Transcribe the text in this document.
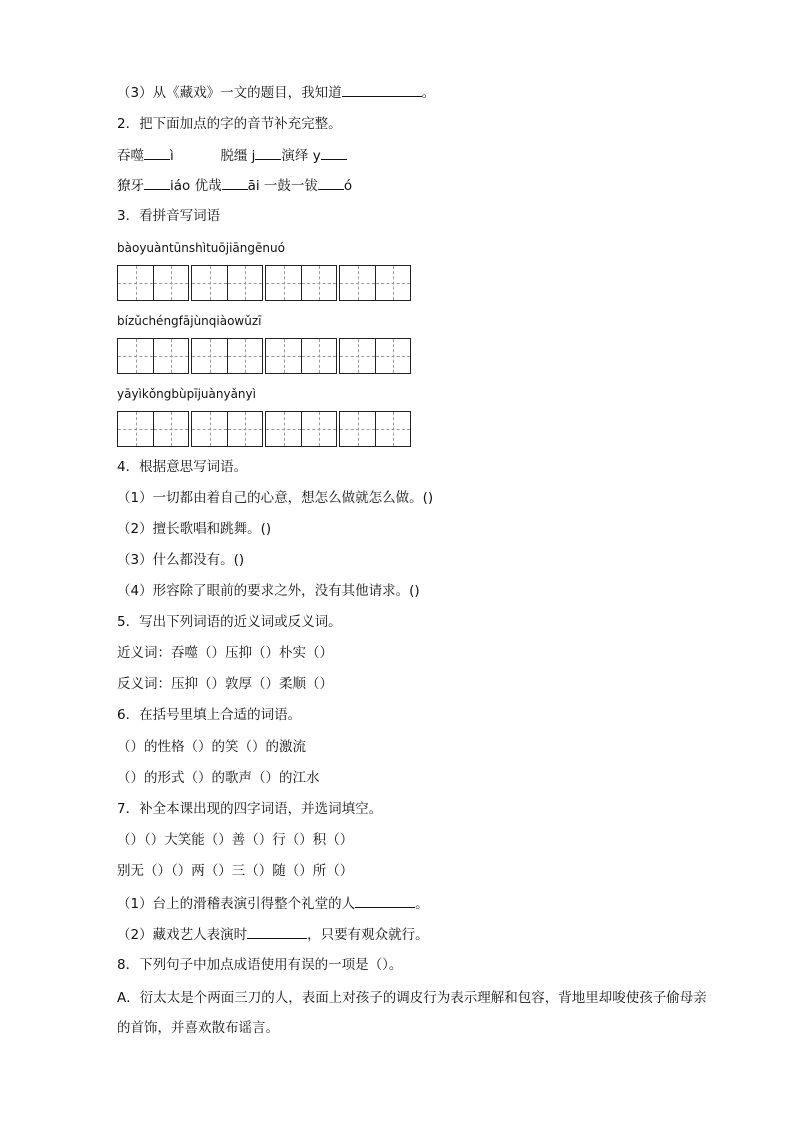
（3）从《藏戏》一文的题目，我知道	。
2．把下面加点的字的音节补充完整。
吞噬 ì	脱缰 j 演绎 y
獠牙 iáo 优哉 āi 一鼓一钹 ó
3．看拼音写词语
bàoyuàntūnshìtuōjiāngēnuó
bízǔchéngfājùnqiàowǔzī
yāyìkǒngbùpījuànyǎnyì
4．根据意思写词语。
（1）一切都由着自己的心意，想怎么做就怎么做。()
（2）擅长歌唱和跳舞。()
（3）什么都没有。()
（4）形容除了眼前的要求之外，没有其他请求。()
5．写出下列词语的近义词或反义词。
近义词：吞噬（）压抑（）朴实（）
反义词：压抑（）敦厚（）柔顺（）
6．在括号里填上合适的词语。
（）的性格（）的笑（）的激流
（）的形式（）的歌声（）的江水
7．补全本课出现的四字词语，并选词填空。
（）（）大笑能（）善（）行（）积（）
别无（）（）两（）三（）随（）所（）
（1）台上的滑稽表演引得整个礼堂的人	。
（2）藏戏艺人表演时	，只要有观众就行。
8．下列句子中加点成语使用有误的一项是（）。
A．衍太太是个两面三刀的人，表面上对孩子的调皮行为表示理解和包容，背地里却唆使孩子偷母亲的首饰，并喜欢散布谣言。
